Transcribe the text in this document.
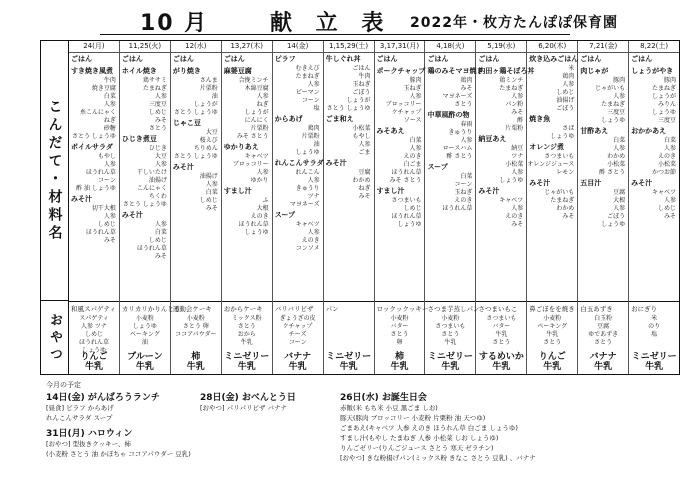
10 月	献 立 表 2022年・枚方たんぽぽ保育園
こんだて・材料名
おやつ
24(月)
ごはん
すき焼き風煮
牛肉
焼き豆腐
白菜
人参
糸こんにゃく
ねぎ
砂糖
さとう しょうゆ
ボイルサラダ
もやし
人参
ほうれん草
コーン
酢 油 しょうゆ
みそ汁
切干大根
人参
しめじ
ほうれん草
みそ
和風スパゲティ
スパゲティ
人参 ツナ
しめじ
ほうれん草
しょうゆ
りんご
牛乳
11,25(火)
ごはん
ホイル焼き
鶏ササミ
たまねぎ
人参
三度豆
しめじ
みそ
さとう
ひじき煮豆
ひじき
大豆
人参
干しいたけ
油揚げ
こんにゃく
ちくわ
さとう しょうゆ
みそ汁
人参
白菜
しめじ
ほうれん草
みそ
カリカリかりんとう
小麦粉
しょうゆ
ベーキング
油
ブルーン
牛乳
12(水)
ごはん
がり焼き
さんま
片栗粉
油
しょうが
さとう しょうゆ
じゃこ豆
大豆
桜えび
ちりめん
さとう しょうゆ
みそ汁
油揚げ
人参
白菜
しめじ
みそ
運動会ケーキ
小麦粉
さとう 卵
ココアパウダー
柿
牛乳
13,27(木)
ごはん
麻婆豆腐
合挽ミンチ
木綿豆腐
人参
ねぎ
しょうが
にんにく
片栗粉
みそ さとう
ゆかりあえ
キャベツ
ブロッコリー
人参
ゆかり
すまし汁
ふ
大根
えのき
ほうれん草
しょうゆ
おからケーキ
ミックス粉
さとう
おから
牛乳
ミニゼリー
牛乳
14(金)
ピラフ
むきえび
たまねぎ
人参
ピーマン
コーン
塩
からあげ
鶏肉
片栗粉
油
しょうゆ
れんこんサラダ
れんこん
人参
きゅうり
ツナ
マヨネーズ
スープ
キャベツ
人参
えのき
コンソメ
バリバリピザ
ぎょうざの皮
ケチャップ
チーズ
コーン
バナナ
牛乳
1,15,29(土)
牛しぐれ丼
ごはん
牛肉
玉ねぎ
ごぼう
しょうが
さとう しょうゆ
ごま和え
小松菜
もやし
人参
ごま
みそ汁
豆腐
わかめ
ねぎ
みそ
パン
ミニゼリー
牛乳
3,17,31(月)
ごはん
ポークチャップ
豚肉
玉ねぎ
人参
ブロッコリー
ケチャップ
ソース
みそあえ
白菜
人参
えのき
白ごま
ほうれん草
みそ さとう
すまし汁
さつまいも
しめじ
ほうれん草
しょうゆ
ロックックッキー
小麦粉
バター
さとう
卵
柿
牛乳
4,18(火)
ごはん
鶏のみそマヨ焼き
鶏肉
みそ
マヨネーズ
さとう
中華風酢の物
春雨
きゅうり
人参
ロースハム
酢 さとう
スープ
白菜
コーン
玉ねぎ
えのき
ほうれん草
さつま芋蒸しパン
小麦粉
さつまいも
さとう
牛乳
ミニゼリー
牛乳
5,19(水)
ごはん
内田ヶ鶏そぼろ丼
鶏ミンチ
たまねぎ
人参
パン粉
みそ
酢
片栗粉
納豆あえ
納豆
ツナ
小松菜
人参
しょうゆ
みそ汁
キャベツ
人参
えのき
みそ
さつまいもこ
さつまいも
バター
牛乳
さとう
するめいか
牛乳
6,20(木)
炊き込みごはん
米
鶏肉
人参
しめじ
油揚げ
ごぼう
焼き魚
さば
しょうゆ
オレンジ煮
さつまいも
オレンジジュース
レモン
みそ汁
じゃがいも
たまねぎ
わかめ
みそ
鼻ごぼをを焼き
小麦粉
ベーキング
牛乳
さとう
りんご
牛乳
7,21(金)
ごはん
肉じゃが
豚肉
じゃがいも
人参
たまねぎ
三度豆
しょうゆ
甘酢あえ
白菜
人参
わかめ
小松菜
酢 さとう
五目汁
豆腐
大根
人参
ごぼう
しょうゆ
白玉あずき
白玉粉
豆腐
ゆであずき
さとう
バナナ
牛乳
8,22(土)
ごはん
しょうがやき
豚肉
たまねぎ
しょうが
みりん
しょうゆ
三度豆
おかかあえ
白菜
人参
えのき
小松菜
かつお節
みそ汁
キャベツ
人参
しめじ
みそ
おにぎり
米
のり
塩
ミニゼリー
牛乳
今月の予定
14日(金) がんばろうランチ
[昼食] ピラフ からあげ
れんこんサラダ スープ
28日(金) おべんとう日
[おやつ] パリパリピザ バナナ
26日(水) お誕生日会
赤飯(米 もち米 小豆 黒ごま しお)
豚天(豚肉 ブロッコリー 小麦粉 片栗粉 油 天つゆ)
ごまあえ(キャベツ 人参 えのき ほうれん草 白ごま しょうゆ)
すまし汁(もやし たまねぎ 人参 小松菜 しお しょうゆ)
りんごゼリー(りんごジュース さとう 寒天 ゼラチン)
[おやつ] きな粉揚げパン(ミックス粉 きなこ さとう 豆乳) 、バナナ
31日(月) ハロウィン
[おやつ] 型抜きクッキー、柿
(小麦粉 さとう 油 かぼちゃ ココアパウダー 豆乳)
